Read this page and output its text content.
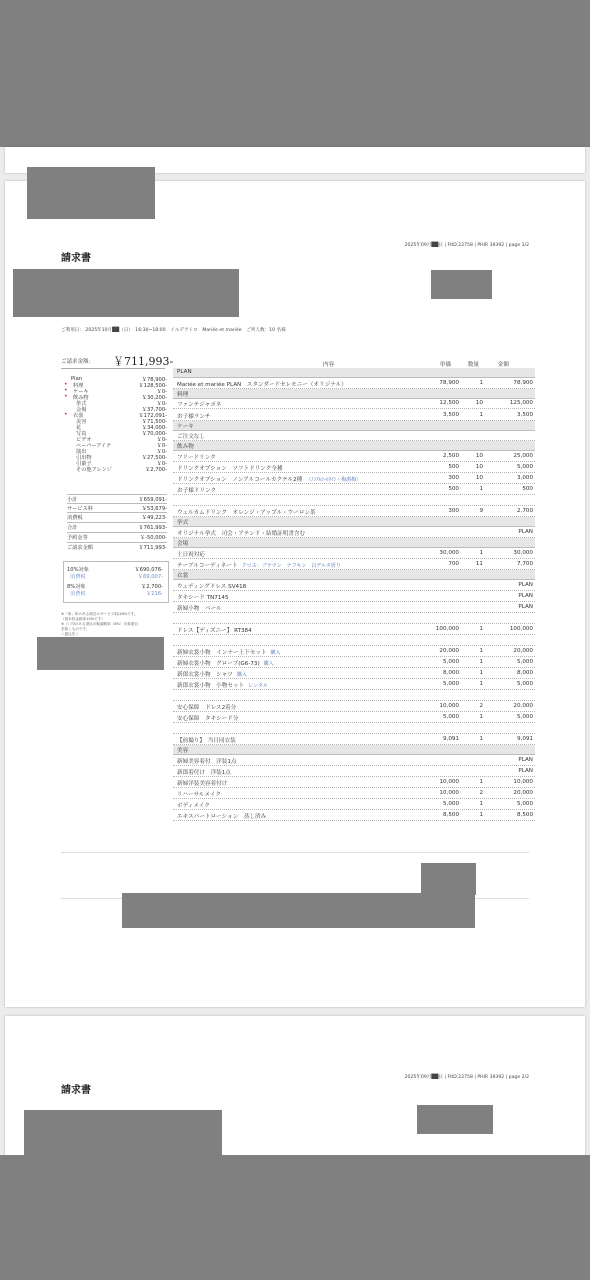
請求書
2025年09月██日 | FtID.22758 | PHIR 39392 | page 1/2
ご利用日： 2025年10月██（日）　16:30~18:00　イルデアトロ　Mariée et mariée　ご列人数：10 名様
ご請求金額： ￥711,993-
Plan	￥78,900-
• 料理	￥128,500-
• ケーキ	￥0-
• 飲み物	￥30,200-
挙式	￥0-
会場	￥37,700-
• 衣裳	￥172,091-
美容	￥71,500-
花	￥34,000-
写真	￥70,000-
ビデオ	￥0-
ペーパーアイテ	￥0-
演出	￥0-
引出物	￥27,500-
引菓子	￥0-
その他アレンジ	￥2,700-
小計	￥659,091-
サービス料	￥53,679-
消費税	￥49,223-
合計	￥761,993-
予約金等	￥-50,000-
ご請求金額	￥711,993-
10%対象	￥690,076-
消費税	￥69,007-
8%対象	￥2,700-
消費税	￥216-
※「単」印のある項目のサービス料は8%です。
（基本料金税率10%です）
※（）印のある項目の軽減税率（8%）対象項目
を除くものです。
＜振込先＞
内容	単価	数量	金額
PLAN
Mariée et mariée PLAN　スタンダードセレモニー（オリジナル）	78,900	1	78,900
料理
ファンテジャポネ	12,500	10	125,000
お子様ランチ	3,500	1	3,500
ケーキ
ご注文なし
飲み物
フリードリンク	2,500	10	25,000
ドリンクオプション　ソフトドリンク全種	500	10	5,000
ドリンクオプション　ノンアルコールカクテル2種 （ﾉﾝｱﾙｺｰﾙﾜｲﾝ・梅酒梅）	300	10	3,000
お子様ドリンク	500	1	500
ウェルカムドリンク　オレンジ・アップル・ウーロン茶	300	9	2,700
挙式
オリジナル挙式　司会・アテンド・結婚証明書含む	PLAN
会場
土日祝対応	30,000	1	30,000
テーブルコーディネート クロス：ブラウン　ナフキン　白デルタ折り	700	11	7,700
衣裳
ウェディングドレス SV418	PLAN
タキシード TN7145	PLAN
新婦小物　ベール	PLAN
ドレス【ディズニー】 RT384	100,000	1	100,000
新婦衣裳小物　インナー上下セット 購入	20,000	1	20,000
新婦衣裳小物　グローブ(G6-73) 購入	5,000	1	5,000
新郎衣裳小物　シャツ 購入	8,000	1	8,000
新郎衣裳小物　小物セット レンタル	5,000	1	5,000
安心保障　ドレス2着分	10,000	2	20,000
安心保障　タキシード分	5,000	1	5,000
【前撮り】　当日同衣装	9,091	1	9,091
美容
新婦美容着付　洋装1点	PLAN
新郎着付け　洋装1点	PLAN
新婦洋装美容着付け	10,000	1	10,000
リハーサルメイク	10,000	2	20,000
ボディメイク	5,000	1	5,000
エキスパートローション　蒸し済み	8,500	1	8,500
請求書
2025年09月██日 | FtID.22758 | PHIR 39392 | page 2/2
